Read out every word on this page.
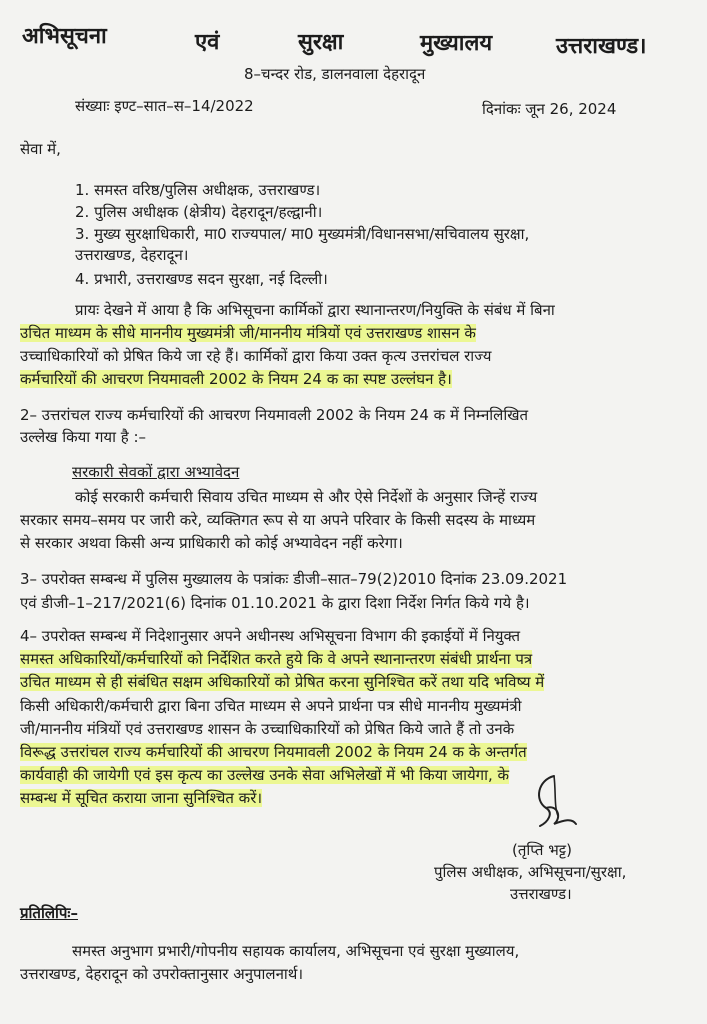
अभिसूचना	एवं	सुरक्षा	मुख्यालय	उत्तराखण्ड।
8–चन्दर रोड, डालनवाला देहरादून
संख्याः इण्ट–सात–स–14/2022	दिनांकः जून 26, 2024
सेवा में,
1. समस्त वरिष्ठ/पुलिस अधीक्षक, उत्तराखण्ड।
2. पुलिस अधीक्षक (क्षेत्रीय) देहरादून/हल्द्वानी।
3. मुख्य सुरक्षाधिकारी, मा0 राज्यपाल/ मा0 मुख्यमंत्री/विधानसभा/सचिवालय सुरक्षा,
उत्तराखण्ड, देहरादून।
4. प्रभारी, उत्तराखण्ड सदन सुरक्षा, नई दिल्ली।
प्रायः देखने में आया है कि अभिसूचना कार्मिकों द्वारा स्थानान्तरण/नियुक्ति के संबंध में बिना
उचित माध्यम के सीधे माननीय मुख्यमंत्री जी/माननीय मंत्रियों एवं उत्तराखण्ड शासन के
उच्चाधिकारियों को प्रेषित किये जा रहे हैं। कार्मिकों द्वारा किया उक्त कृत्य उत्तरांचल राज्य
कर्मचारियों की आचरण नियमावली 2002 के नियम 24 क का स्पष्ट उल्लंघन है।
2– उत्तरांचल राज्य कर्मचारियों की आचरण नियमावली 2002 के नियम 24 क में निम्नलिखित
उल्लेख किया गया है :–
सरकारी सेवकों द्वारा अभ्यावेदन
कोई सरकारी कर्मचारी सिवाय उचित माध्यम से और ऐसे निर्देशों के अनुसार जिन्हें राज्य
सरकार समय–समय पर जारी करे, व्यक्तिगत रूप से या अपने परिवार के किसी सदस्य के माध्यम
से सरकार अथवा किसी अन्य प्राधिकारी को कोई अभ्यावेदन नहीं करेगा।
3– उपरोक्त सम्बन्ध में पुलिस मुख्यालय के पत्रांकः डीजी–सात–79(2)2010 दिनांक 23.09.2021
एवं डीजी–1–217/2021(6) दिनांक 01.10.2021 के द्वारा दिशा निर्देश निर्गत किये गये है।
4– उपरोक्त सम्बन्ध में निदेशानुसार अपने अधीनस्थ अभिसूचना विभाग की इकाईयों में नियुक्त
समस्त अधिकारियों/कर्मचारियों को निर्देशित करते हुये कि वे अपने स्थानान्तरण संबंधी प्रार्थना पत्र
उचित माध्यम से ही संबंधित सक्षम अधिकारियों को प्रेषित करना सुनिश्चित करें तथा यदि भविष्य में
किसी अधिकारी/कर्मचारी द्वारा बिना उचित माध्यम से अपने प्रार्थना पत्र सीधे माननीय मुख्यमंत्री
जी/माननीय मंत्रियों एवं उत्तराखण्ड शासन के उच्चाधिकारियों को प्रेषित किये जाते हैं तो उनके
विरूद्ध उत्तरांचल राज्य कर्मचारियों की आचरण नियमावली 2002 के नियम 24 क के अन्तर्गत
कार्यवाही की जायेगी एवं इस कृत्य का उल्लेख उनके सेवा अभिलेखों में भी किया जायेगा, के
सम्बन्ध में सूचित कराया जाना सुनिश्चित करें।
(तृप्ति भट्ट)
पुलिस अधीक्षक, अभिसूचना/सुरक्षा,
उत्तराखण्ड।
प्रतिलिपिः–
समस्त अनुभाग प्रभारी/गोपनीय सहायक कार्यालय, अभिसूचना एवं सुरक्षा मुख्यालय,
उत्तराखण्ड, देहरादून को उपरोक्तानुसार अनुपालनार्थ।
